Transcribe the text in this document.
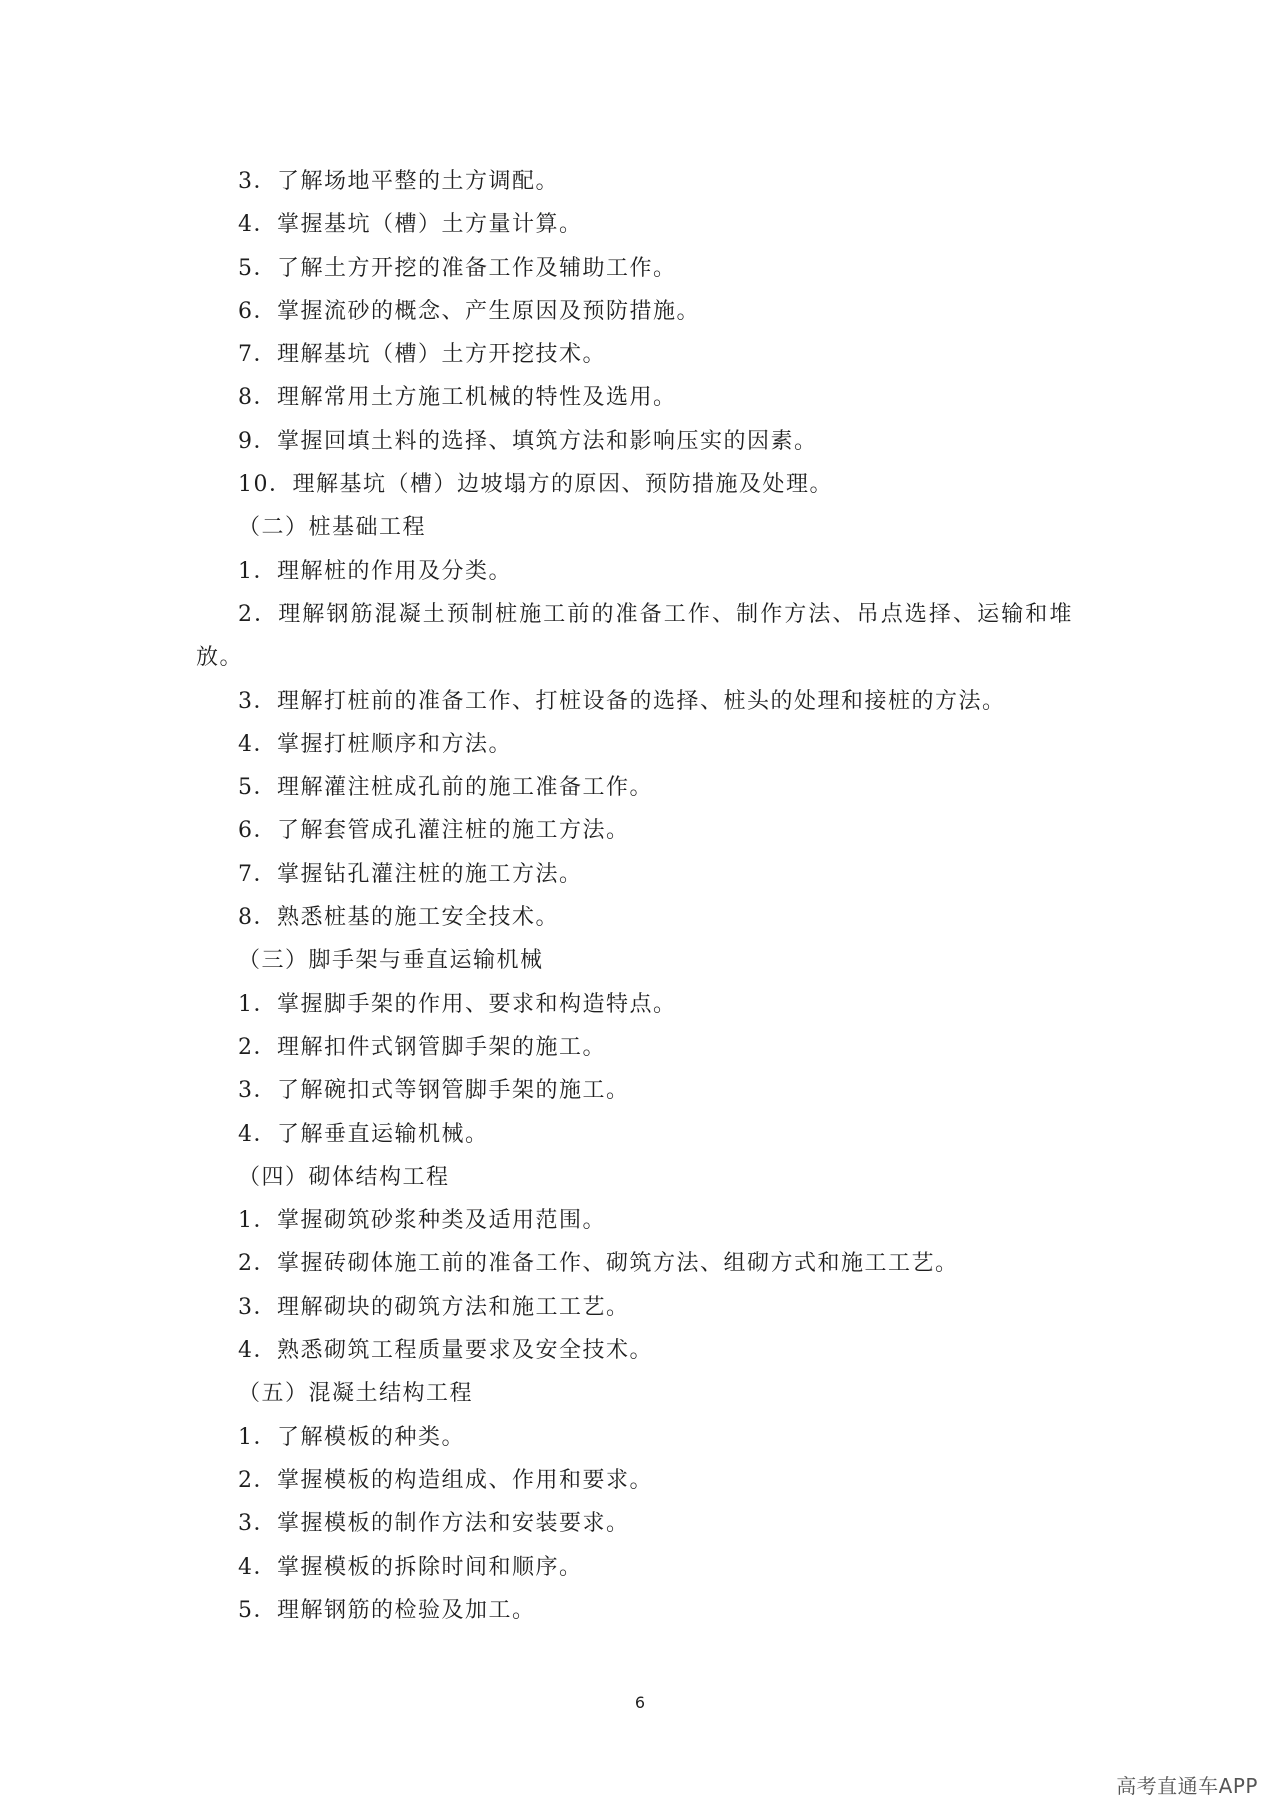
3．了解场地平整的土方调配。
4．掌握基坑（槽）土方量计算。
5．了解土方开挖的准备工作及辅助工作。
6．掌握流砂的概念、产生原因及预防措施。
7．理解基坑（槽）土方开挖技术。
8．理解常用土方施工机械的特性及选用。
9．掌握回填土料的选择、填筑方法和影响压实的因素。
10．理解基坑（槽）边坡塌方的原因、预防措施及处理。
（二）桩基础工程
1．理解桩的作用及分类。
2．理解钢筋混凝土预制桩施工前的准备工作、制作方法、吊点选择、运输和堆
放。
3．理解打桩前的准备工作、打桩设备的选择、桩头的处理和接桩的方法。
4．掌握打桩顺序和方法。
5．理解灌注桩成孔前的施工准备工作。
6．了解套管成孔灌注桩的施工方法。
7．掌握钻孔灌注桩的施工方法。
8．熟悉桩基的施工安全技术。
（三）脚手架与垂直运输机械
1．掌握脚手架的作用、要求和构造特点。
2．理解扣件式钢管脚手架的施工。
3．了解碗扣式等钢管脚手架的施工。
4．了解垂直运输机械。
（四）砌体结构工程
1．掌握砌筑砂浆种类及适用范围。
2．掌握砖砌体施工前的准备工作、砌筑方法、组砌方式和施工工艺。
3．理解砌块的砌筑方法和施工工艺。
4．熟悉砌筑工程质量要求及安全技术。
（五）混凝土结构工程
1．了解模板的种类。
2．掌握模板的构造组成、作用和要求。
3．掌握模板的制作方法和安装要求。
4．掌握模板的拆除时间和顺序。
5．理解钢筋的检验及加工。
6
高考直通车APP
